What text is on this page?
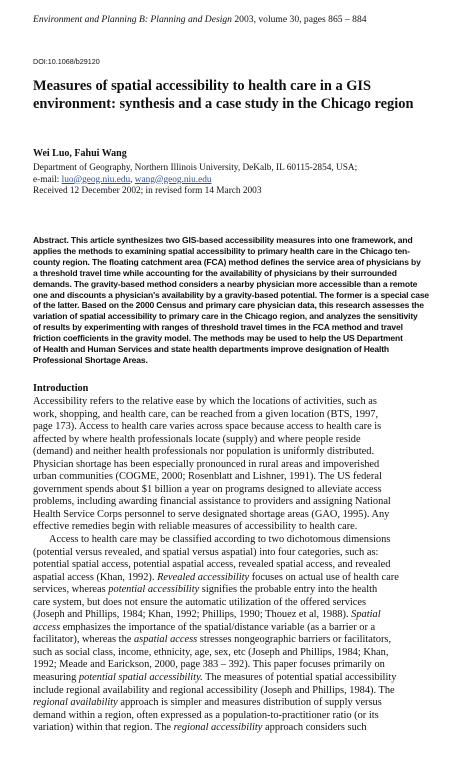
Environment and Planning B: Planning and Design 2003, volume 30, pages 865 – 884
DOI:10.1068/b29120
Measures of spatial accessibility to health care in a GIS environment: synthesis and a case study in the Chicago region
Wei Luo, Fahui Wang
Department of Geography, Northern Illinois University, DeKalb, IL 60115-2854, USA;
e-mail: luo@geog.niu.edu, wang@geog.niu.edu
Received 12 December 2002; in revised form 14 March 2003
Abstract. This article synthesizes two GIS-based accessibility measures into one framework, and
applies the methods to examining spatial accessibility to primary health care in the Chicago ten-
county region. The floating catchment area (FCA) method defines the service area of physicians by
a threshold travel time while accounting for the availability of physicians by their surrounded
demands. The gravity-based method considers a nearby physician more accessible than a remote
one and discounts a physician's availability by a gravity-based potential. The former is a special case
of the latter. Based on the 2000 Census and primary care physician data, this research assesses the
variation of spatial accessibility to primary care in the Chicago region, and analyzes the sensitivity
of results by experimenting with ranges of threshold travel times in the FCA method and travel
friction coefficients in the gravity model. The methods may be used to help the US Department
of Health and Human Services and state health departments improve designation of Health
Professional Shortage Areas.
Introduction
Accessibility refers to the relative ease by which the locations of activities, such as
work, shopping, and health care, can be reached from a given location (BTS, 1997,
page 173). Access to health care varies across space because access to health care is
affected by where health professionals locate (supply) and where people reside
(demand) and neither health professionals nor population is uniformly distributed.
Physician shortage has been especially pronounced in rural areas and impoverished
urban communities (COGME, 2000; Rosenblatt and Lishner, 1991). The US federal
government spends about $1 billion a year on programs designed to alleviate access
problems, including awarding financial assistance to providers and assigning National
Health Service Corps personnel to serve designated shortage areas (GAO, 1995). Any
effective remedies begin with reliable measures of accessibility to health care.
Access to health care may be classified according to two dichotomous dimensions
(potential versus revealed, and spatial versus aspatial) into four categories, such as:
potential spatial access, potential aspatial access, revealed spatial access, and revealed
aspatial access (Khan, 1992). Revealed accessibility focuses on actual use of health care
services, whereas potential accessibility signifies the probable entry into the health
care system, but does not ensure the automatic utilization of the offered services
(Joseph and Phillips, 1984; Khan, 1992; Phillips, 1990; Thouez et al, 1988). Spatial
access emphasizes the importance of the spatial/distance variable (as a barrier or a
facilitator), whereas the aspatial access stresses nongeographic barriers or facilitators,
such as social class, income, ethnicity, age, sex, etc (Joseph and Phillips, 1984; Khan,
1992; Meade and Earickson, 2000, page 383 – 392). This paper focuses primarily on
measuring potential spatial accessibility. The measures of potential spatial accessibility
include regional availability and regional accessibility (Joseph and Phillips, 1984). The
regional availability approach is simpler and measures distribution of supply versus
demand within a region, often expressed as a population-to-practitioner ratio (or its
variation) within that region. The regional accessibility approach considers such
